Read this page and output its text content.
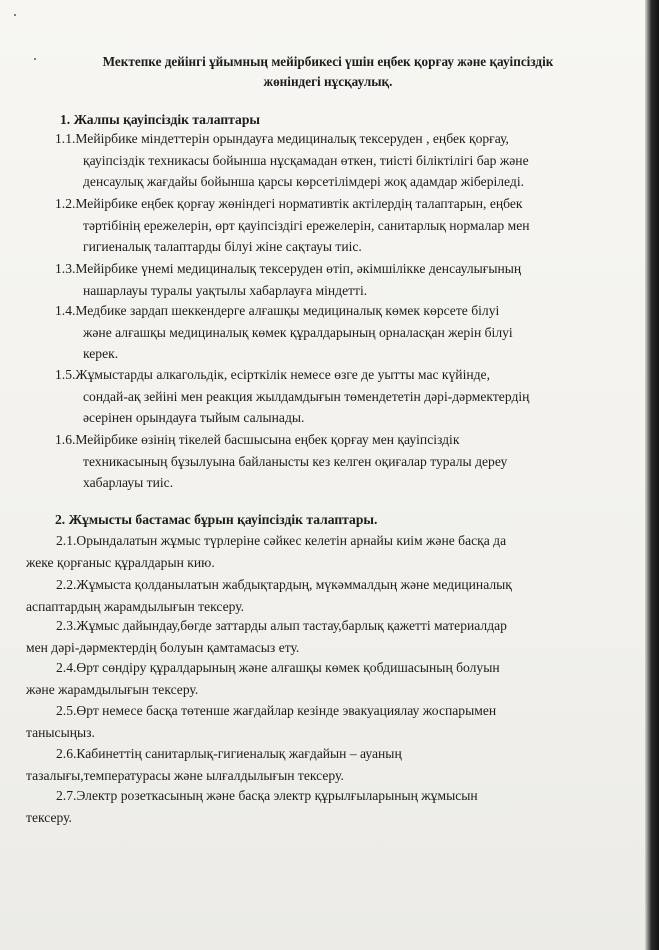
Мектепке дейінгі ұйымның мейірбикесі үшін еңбек қорғау және қауіпсіздік
жөніндегі нұсқаулық.
1. Жалпы қауіпсіздік талаптары
1.1.Мейірбике міндеттерін орындауға медициналық тексеруден , еңбек қорғау,
қауіпсіздік техникасы бойынша нұсқамадан өткен, тиісті біліктілігі бар және
денсаулық жағдайы бойынша қарсы көрсетілімдері жоқ адамдар жіберіледі.
1.2.Мейірбике еңбек қорғау жөніндегі нормативтік актілердің талаптарын, еңбек
тәртібінің ережелерін, өрт қауіпсіздігі ережелерін, санитарлық нормалар мен
гигиеналық талаптарды білуі жіне сақтауы тиіс.
1.3.Мейірбике үнемі медициналық тексеруден өтіп, әкімшілікке денсаулығының
нашарлауы туралы уақтылы хабарлауға міндетті.
1.4.Медбике зардап шеккендерге алғашқы медициналық көмек көрсете білуі
және алғашқы медициналық көмек құралдарының орналасқан жерін білуі
керек.
1.5.Жұмыстарды алкагольдік, есірткілік немесе өзге де уытты мас күйінде,
сондай-ақ зейіні мен реакция жылдамдығын төмендететін дәрі-дәрмектердің
әсерінен орындауға тыйым салынады.
1.6.Мейірбике өзінің тікелей басшысына еңбек қорғау мен қауіпсіздік
техникасының бұзылуына байланысты кез келген оқиғалар туралы дереу
хабарлауы тиіс.
2. Жұмысты бастамас бұрын қауіпсіздік талаптары.
2.1.Орындалатын жұмыс түрлеріне сәйкес келетін арнайы киім және басқа да
жеке қорғаныс құралдарын кию.
2.2.Жұмыста қолданылатын жабдықтардың, мүкәммалдың және медициналық
аспаптардың жарамдылығын тексеру.
2.3.Жұмыс дайындау,бөгде заттарды алып тастау,барлық қажетті материалдар
мен дәрі-дәрмектердің болуын қамтамасыз ету.
2.4.Өрт сөндіру құралдарының және алғашқы көмек қобдишасының болуын
және жарамдылығын тексеру.
2.5.Өрт немесе басқа төтенше жағдайлар кезінде эвакуациялау жоспарымен
танысыңыз.
2.6.Кабинеттің санитарлық-гигиеналық жағдайын – ауаның
тазалығы,температурасы және ылғалдылығын тексеру.
2.7.Электр розеткасының және басқа электр құрылғыларының жұмысын
тексеру.
